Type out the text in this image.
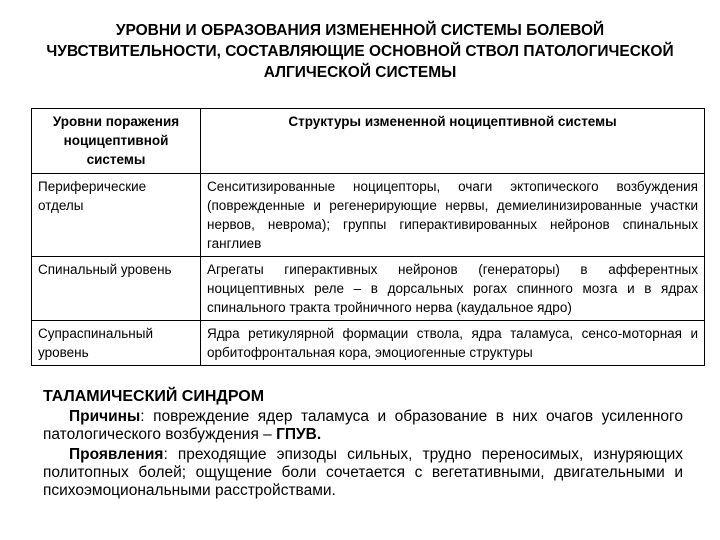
УРОВНИ И ОБРАЗОВАНИЯ ИЗМЕНЕННОЙ СИСТЕМЫ БОЛЕВОЙ ЧУВСТВИТЕЛЬНОСТИ, СОСТАВЛЯЮЩИЕ ОСНОВНОЙ СТВОЛ ПАТОЛОГИЧЕСКОЙ АЛГИЧЕСКОЙ СИСТЕМЫ
Уровни поражения ноцицептивной системы	Структуры измененной ноцицептивной системы
Периферические отделы	Сенситизированные ноцицепторы, очаги эктопического возбуждения (поврежденные и регенерирующие нервы, демиелинизированные участки нервов, неврома); группы гиперактивированных нейронов спинальных ганглиев
Спинальный уровень	Агрегаты гиперактивных нейронов (генераторы) в афферентных ноцицептивных реле – в дорсальных рогах спинного мозга и в ядрах спинального тракта тройничного нерва (каудальное ядро)
Супраспинальный уровень	Ядра ретикулярной формации ствола, ядра таламуса, сенсо-моторная и орбитофронтальная кора, эмоциогенные структуры
ТАЛАМИЧЕСКИЙ СИНДРОМ

Причины: повреждение ядер таламуса и образование в них очагов усиленного патологического возбуждения – ГПУВ.

Проявления: преходящие эпизоды сильных, трудно переносимых, изнуряющих политопных болей; ощущение боли сочетается с вегетативными, двигательными и психоэмоциональными расстройствами.
